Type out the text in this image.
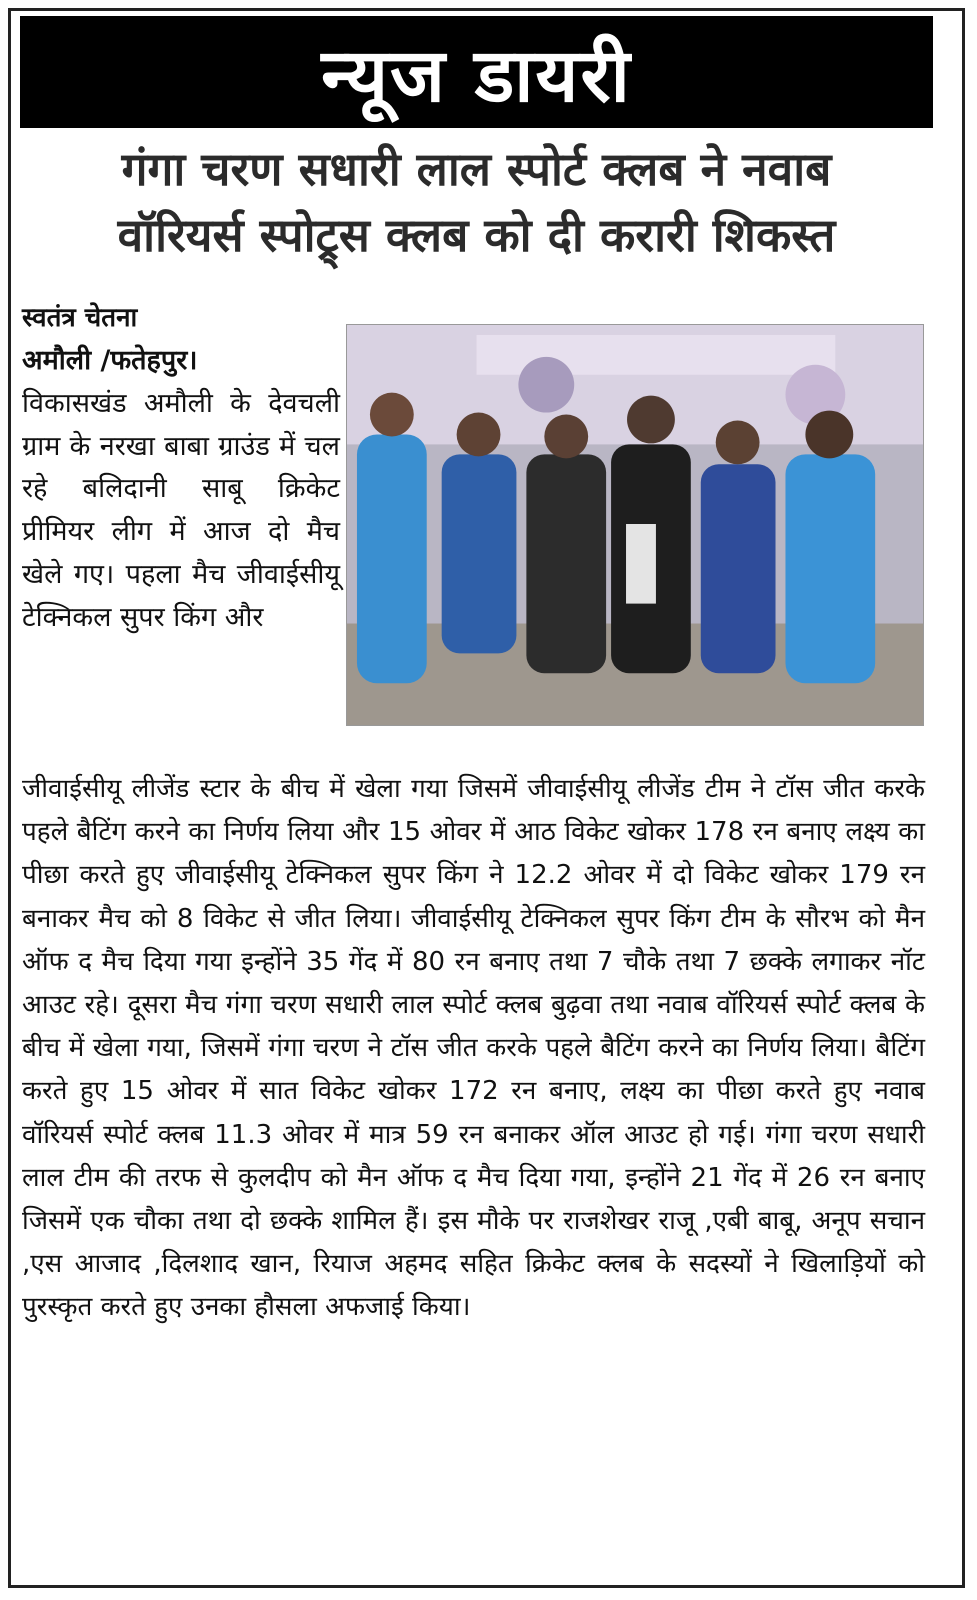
न्यूज डायरी
गंगा चरण सधारी लाल स्पोर्ट क्लब ने नवाब
वॉरियर्स स्पोट्र्स क्लब को दी करारी शिकस्त
स्वतंत्र चेतना
अमौली /फतेहपुर।
विकासखंड अमौली के देवचली ग्राम के नरखा बाबा ग्राउंड में चल रहे बलिदानी साबू क्रिकेट प्रीमियर लीग में आज दो मैच खेले गए। पहला मैच जीवाईसीयू टेक्निकल सुपर किंग और

जीवाईसीयू लीजेंड स्टार के बीच में खेला गया जिसमें जीवाईसीयू लीजेंड टीम ने टॉस जीत करके पहले बैटिंग करने का निर्णय लिया और 15 ओवर में आठ विकेट खोकर 178 रन बनाए लक्ष्य का पीछा करते हुए जीवाईसीयू टेक्निकल सुपर किंग ने 12.2 ओवर में दो विकेट खोकर 179 रन बनाकर मैच को 8 विकेट से जीत लिया। जीवाईसीयू टेक्निकल सुपर किंग टीम के सौरभ को मैन ऑफ द मैच दिया गया इन्होंने 35 गेंद में 80 रन बनाए तथा 7 चौके तथा 7 छक्के लगाकर नॉट आउट रहे। दूसरा मैच गंगा चरण सधारी लाल स्पोर्ट क्लब बुढ़वा तथा नवाब वॉरियर्स स्पोर्ट क्लब के बीच में खेला गया, जिसमें गंगा चरण ने टॉस जीत करके पहले बैटिंग करने का निर्णय लिया। बैटिंग करते हुए 15 ओवर में सात विकेट खोकर 172 रन बनाए, लक्ष्य का पीछा करते हुए नवाब वॉरियर्स स्पोर्ट क्लब 11.3 ओवर में मात्र 59 रन बनाकर ऑल आउट हो गई। गंगा चरण सधारी लाल टीम की तरफ से कुलदीप को मैन ऑफ द मैच दिया गया, इन्होंने 21 गेंद में 26 रन बनाए जिसमें एक चौका तथा दो छक्के शामिल हैं। इस मौके पर राजशेखर राजू ,एबी बाबू, अनूप सचान ,एस आजाद ,दिलशाद खान, रियाज अहमद सहित क्रिकेट क्लब के सदस्यों ने खिलाड़ियों को पुरस्कृत करते हुए उनका हौसला अफजाई किया।
